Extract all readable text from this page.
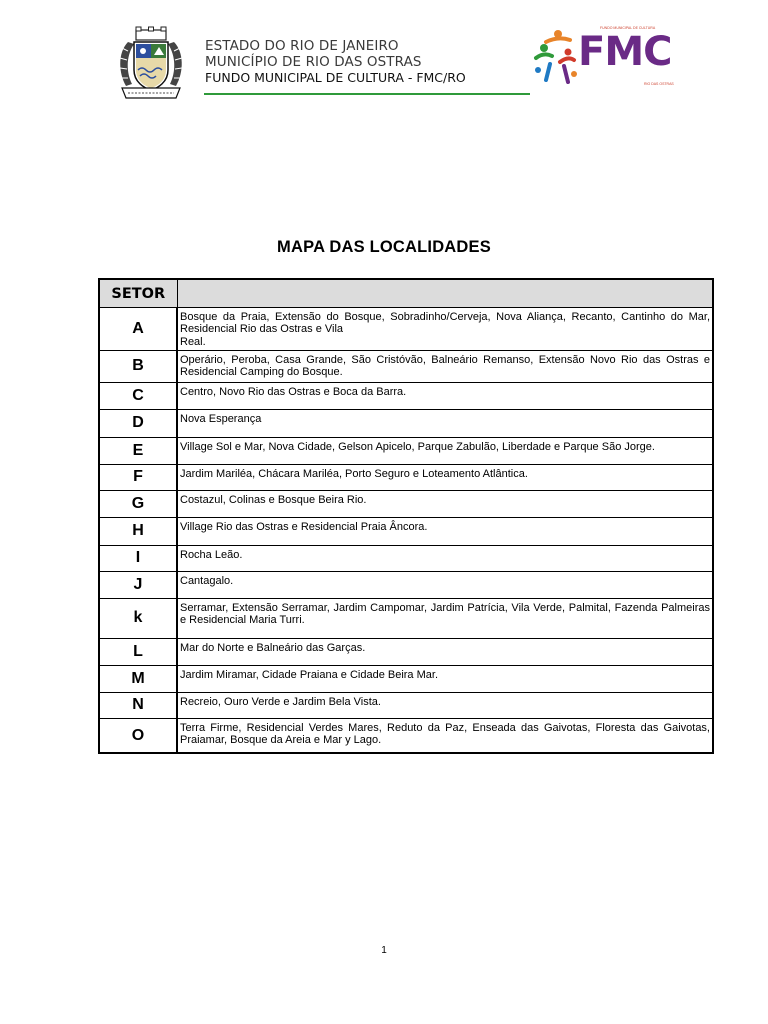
ESTADO DO RIO DE JANEIRO
MUNICÍPIO DE RIO DAS OSTRAS
FUNDO MUNICIPAL DE CULTURA - FMC/RO
FUNDO MUNICIPAL DE CULTURA
FMC
RIO DAS OSTRAS
MAPA DAS LOCALIDADES
SETOR	
A	Bosque da Praia, Extensão do Bosque, Sobradinho/Cerveja, Nova Aliança, Recanto, Cantinho do Mar, Residencial Rio das Ostras e Vila
Real.
B	Operário, Peroba, Casa Grande, São Cristóvão, Balneário Remanso, Extensão Novo Rio das Ostras e Residencial Camping do Bosque.
C	Centro, Novo Rio das Ostras e Boca da Barra.
D	Nova Esperança
E	Village Sol e Mar, Nova Cidade, Gelson Apicelo, Parque Zabulão, Liberdade e Parque São Jorge.
F	Jardim Mariléa, Chácara Mariléa, Porto Seguro e Loteamento Atlântica.
G	Costazul, Colinas e Bosque Beira Rio.
H	Village Rio das Ostras e Residencial Praia Âncora.
I	Rocha Leão.
J	Cantagalo.
k	Serramar, Extensão Serramar, Jardim Campomar, Jardim Patrícia, Vila Verde, Palmital, Fazenda Palmeiras e Residencial Maria Turri.
L	Mar do Norte e Balneário das Garças.
M	Jardim Miramar, Cidade Praiana e Cidade Beira Mar.
N	Recreio, Ouro Verde e Jardim Bela Vista.
O	Terra Firme, Residencial Verdes Mares, Reduto da Paz, Enseada das Gaivotas, Floresta das Gaivotas, Praiamar, Bosque da Areia e Mar y Lago.
1
